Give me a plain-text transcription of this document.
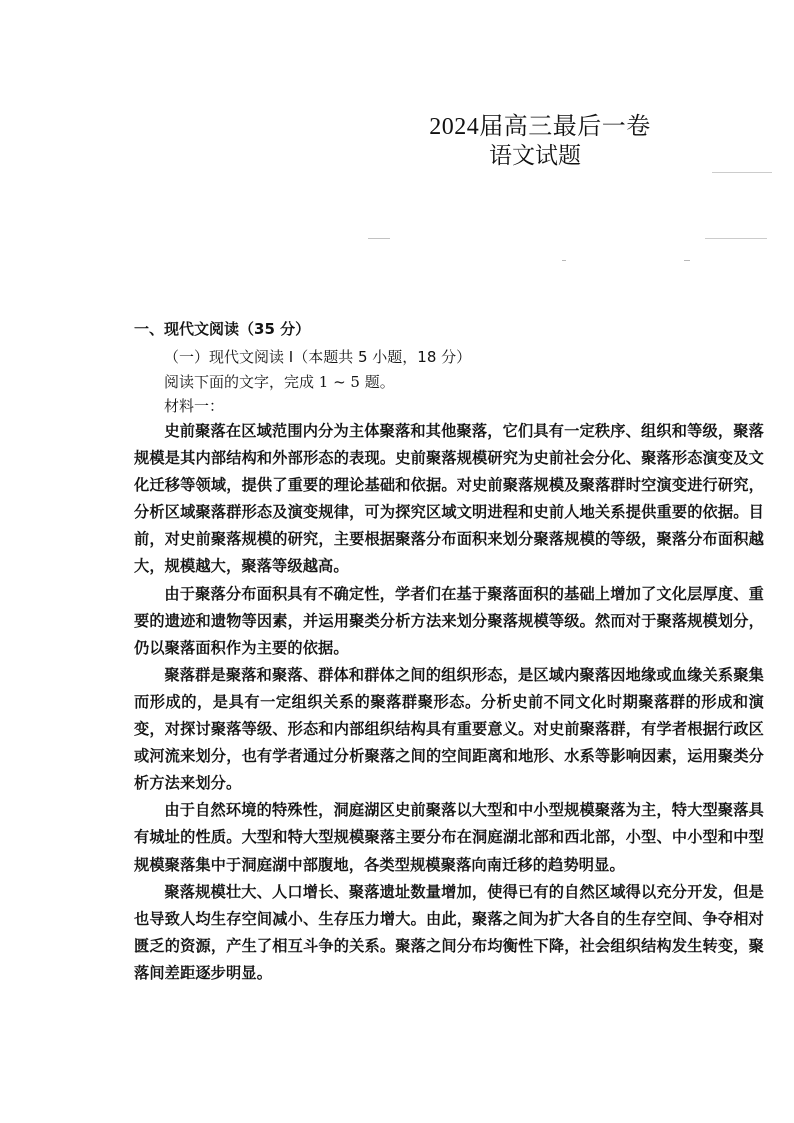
2024届高三最后一卷
语文试题
一、现代文阅读（35 分）
（一）现代文阅读 I（本题共 5 小题，18 分）
阅读下面的文字，完成 1 ~ 5 题。
材料一：

史前聚落在区域范围内分为主体聚落和其他聚落，它们具有一定秩序、组织和等级，聚落规模是其内部结构和外部形态的表现。史前聚落规模研究为史前社会分化、聚落形态演变及文化迁移等领域，提供了重要的理论基础和依据。对史前聚落规模及聚落群时空演变进行研究，分析区域聚落群形态及演变规律，可为探究区域文明进程和史前人地关系提供重要的依据。目前，对史前聚落规模的研究，主要根据聚落分布面积来划分聚落规模的等级，聚落分布面积越大，规模越大，聚落等级越高。

由于聚落分布面积具有不确定性，学者们在基于聚落面积的基础上增加了文化层厚度、重要的遗迹和遗物等因素，并运用聚类分析方法来划分聚落规模等级。然而对于聚落规模划分，仍以聚落面积作为主要的依据。

聚落群是聚落和聚落、群体和群体之间的组织形态，是区域内聚落因地缘或血缘关系聚集而形成的，是具有一定组织关系的聚落群聚形态。分析史前不同文化时期聚落群的形成和演变，对探讨聚落等级、形态和内部组织结构具有重要意义。对史前聚落群，有学者根据行政区或河流来划分，也有学者通过分析聚落之间的空间距离和地形、水系等影响因素，运用聚类分析方法来划分。

由于自然环境的特殊性，洞庭湖区史前聚落以大型和中小型规模聚落为主，特大型聚落具有城址的性质。大型和特大型规模聚落主要分布在洞庭湖北部和西北部，小型、中小型和中型规模聚落集中于洞庭湖中部腹地，各类型规模聚落向南迁移的趋势明显。

聚落规模壮大、人口增长、聚落遗址数量增加，使得已有的自然区域得以充分开发，但是也导致人均生存空间减小、生存压力增大。由此，聚落之间为扩大各自的生存空间、争夺相对匮乏的资源，产生了相互斗争的关系。聚落之间分布均衡性下降，社会组织结构发生转变，聚落间差距逐步明显。
